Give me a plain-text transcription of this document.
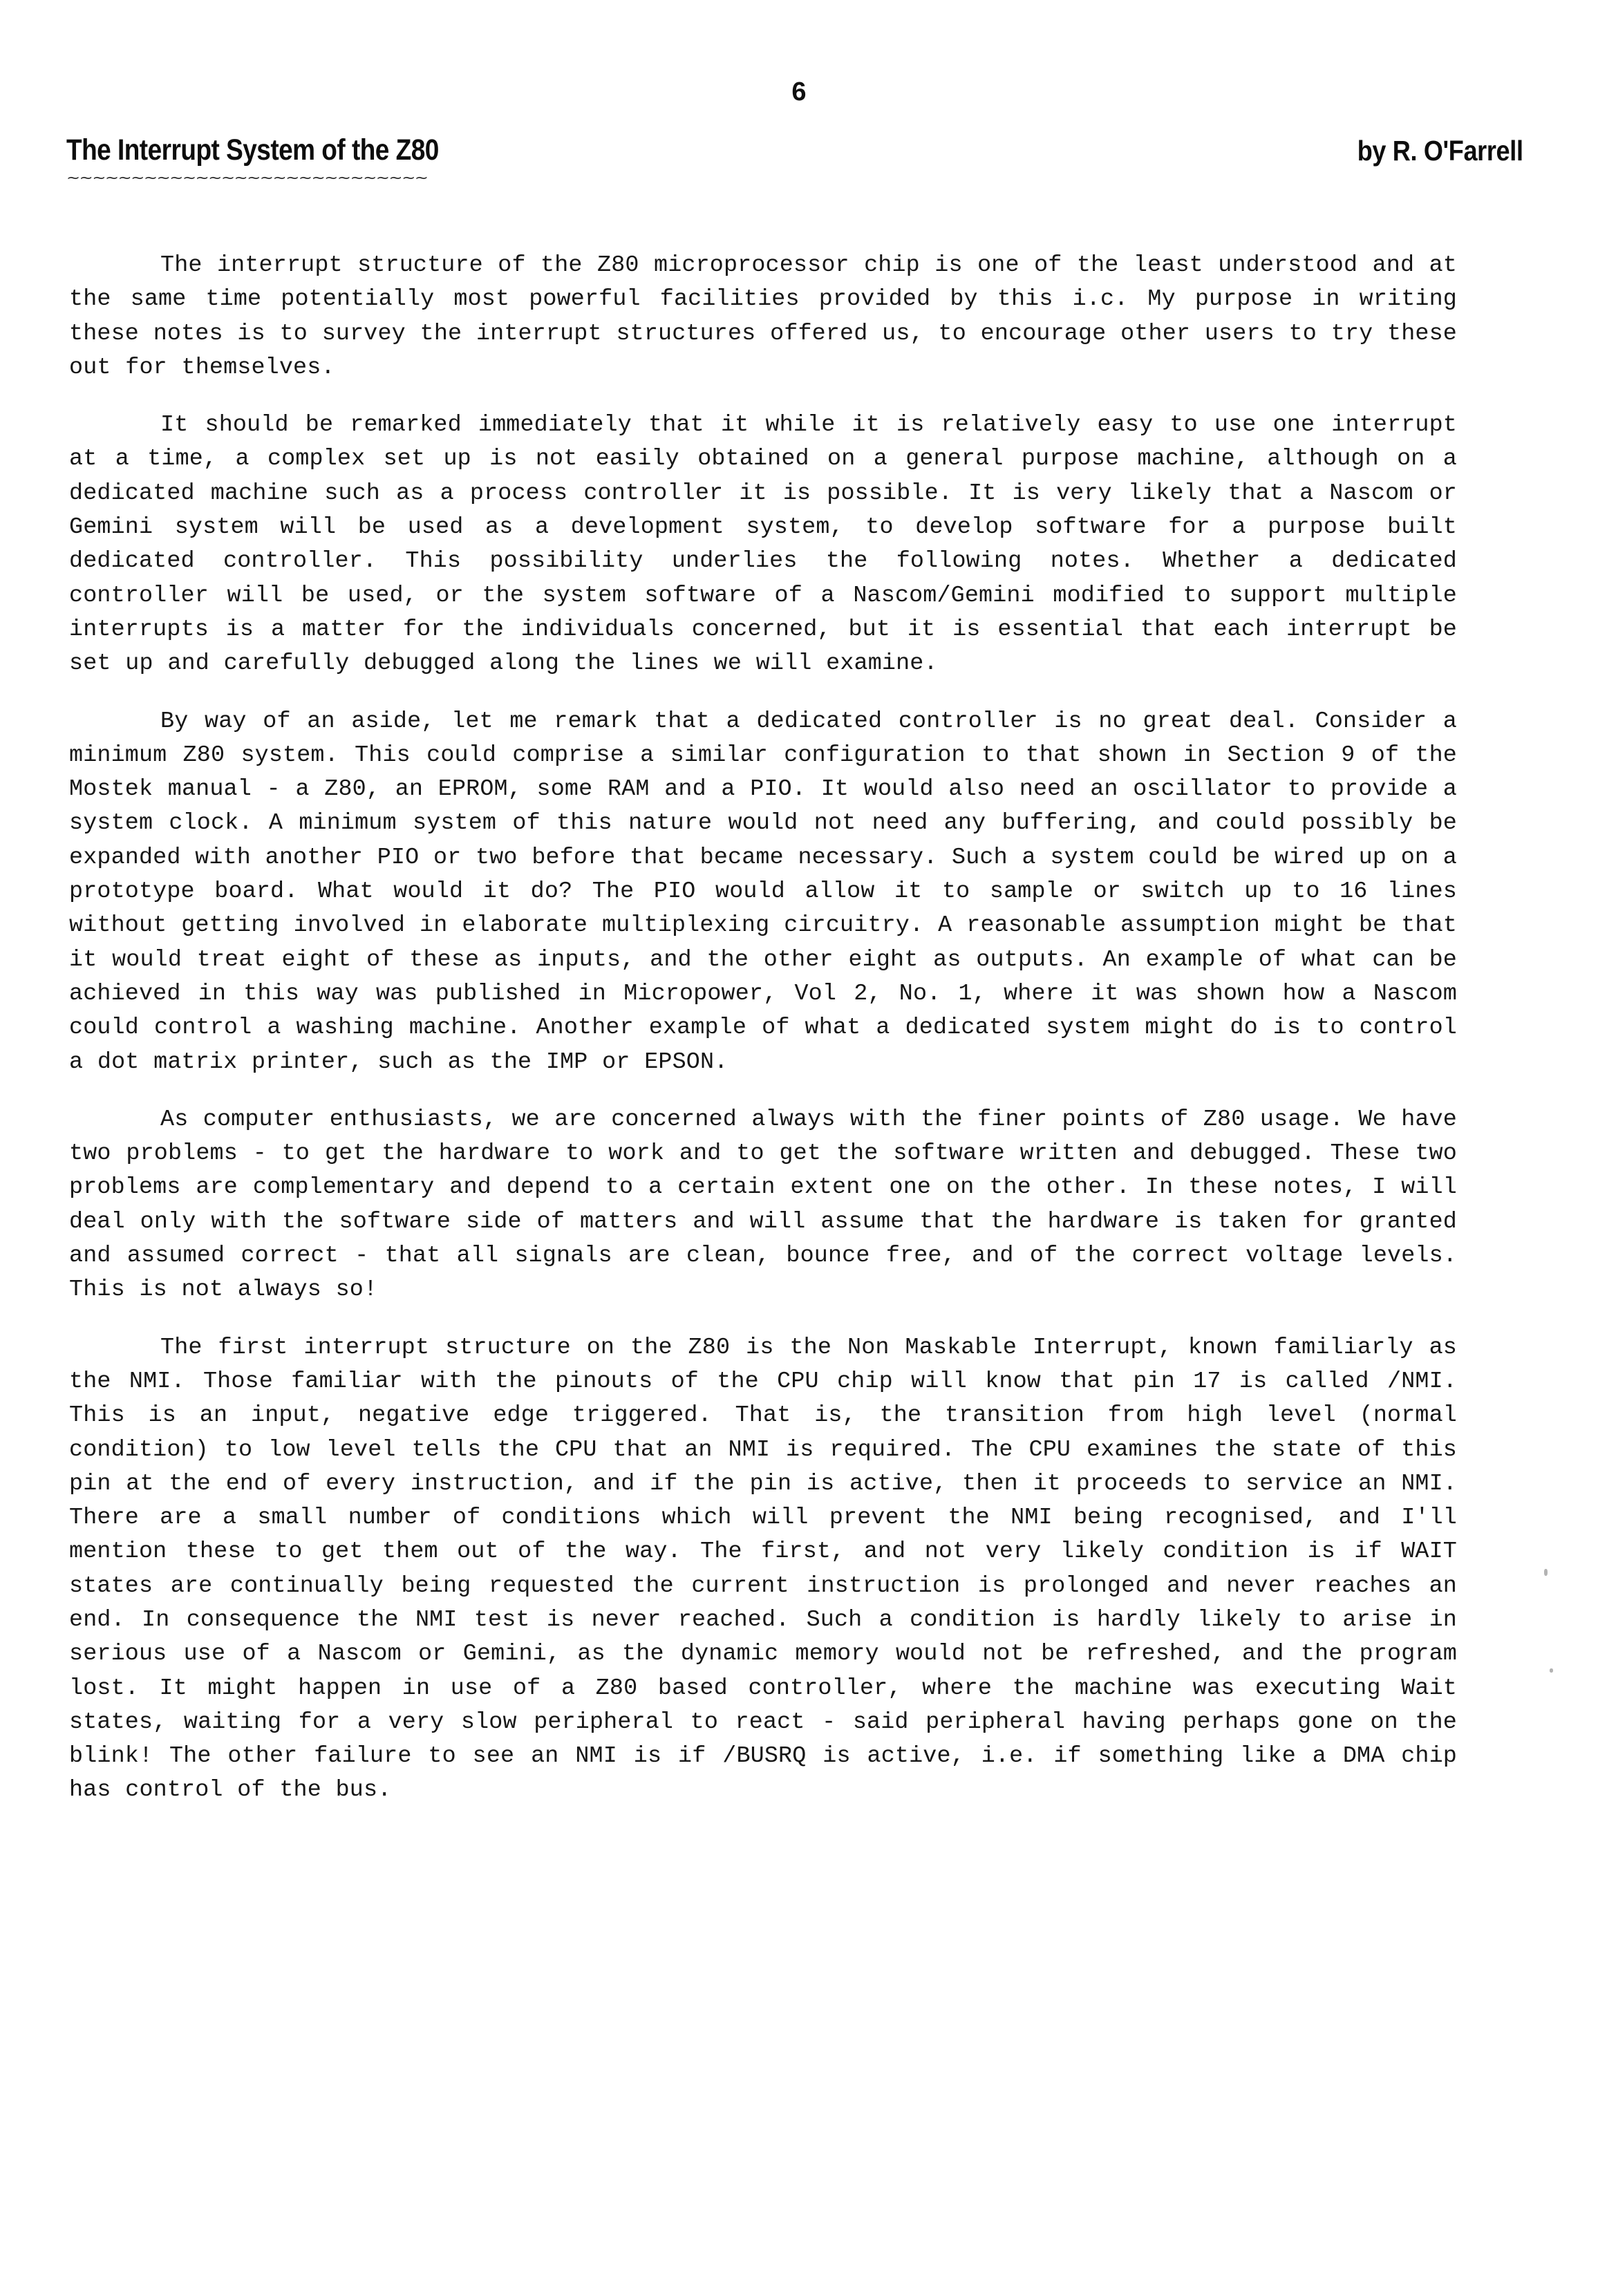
6
The Interrupt System of the Z80
~~~~~~~~~~~~~~~~~~~~~~~~~~~~
by R. O'Farrell

The interrupt structure of the Z80 microprocessor chip is one of the least understood and at the same time potentially most powerful facilities provided by this i.c. My purpose in writing these notes is to survey the interrupt structures offered us, to encourage other users to try these out for themselves.

It should be remarked immediately that it while it is relatively easy to use one interrupt at a time, a complex set up is not easily obtained on a general purpose machine, although on a dedicated machine such as a process controller it is possible. It is very likely that a Nascom or Gemini system will be used as a development system, to develop software for a purpose built dedicated controller. This possibility underlies the following notes. Whether a dedicated controller will be used, or the system software of a Nascom/Gemini modified to support multiple interrupts is a matter for the individuals concerned, but it is essential that each interrupt be set up and carefully debugged along the lines we will examine.

By way of an aside, let me remark that a dedicated controller is no great deal. Consider a minimum Z80 system. This could comprise a similar configuration to that shown in Section 9 of the Mostek manual - a Z80, an EPROM, some RAM and a PIO. It would also need an oscillator to provide a system clock. A minimum system of this nature would not need any buffering, and could possibly be expanded with another PIO or two before that became necessary. Such a system could be wired up on a prototype board. What would it do? The PIO would allow it to sample or switch up to 16 lines without getting involved in elaborate multiplexing circuitry. A reasonable assumption might be that it would treat eight of these as inputs, and the other eight as outputs. An example of what can be achieved in this way was published in Micropower, Vol 2, No. 1, where it was shown how a Nascom could control a washing machine. Another example of what a dedicated system might do is to control a dot matrix printer, such as the IMP or EPSON.

As computer enthusiasts, we are concerned always with the finer points of Z80 usage. We have two problems - to get the hardware to work and to get the software written and debugged. These two problems are complementary and depend to a certain extent one on the other. In these notes, I will deal only with the software side of matters and will assume that the hardware is taken for granted and assumed correct - that all signals are clean, bounce free, and of the correct voltage levels. This is not always so!

The first interrupt structure on the Z80 is the Non Maskable Interrupt, known familiarly as the NMI. Those familiar with the pinouts of the CPU chip will know that pin 17 is called /NMI. This is an input, negative edge triggered. That is, the transition from high level (normal condition) to low level tells the CPU that an NMI is required. The CPU examines the state of this pin at the end of every instruction, and if the pin is active, then it proceeds to service an NMI. There are a small number of conditions which will prevent the NMI being recognised, and I'll mention these to get them out of the way. The first, and not very likely condition is if WAIT states are continually being requested the current instruction is prolonged and never reaches an end. In consequence the NMI test is never reached. Such a condition is hardly likely to arise in serious use of a Nascom or Gemini, as the dynamic memory would not be refreshed, and the program lost. It might happen in use of a Z80 based controller, where the machine was executing Wait states, waiting for a very slow peripheral to react - said peripheral having perhaps gone on the blink! The other failure to see an NMI is if /BUSRQ is active, i.e. if something like a DMA chip has control of the bus.
